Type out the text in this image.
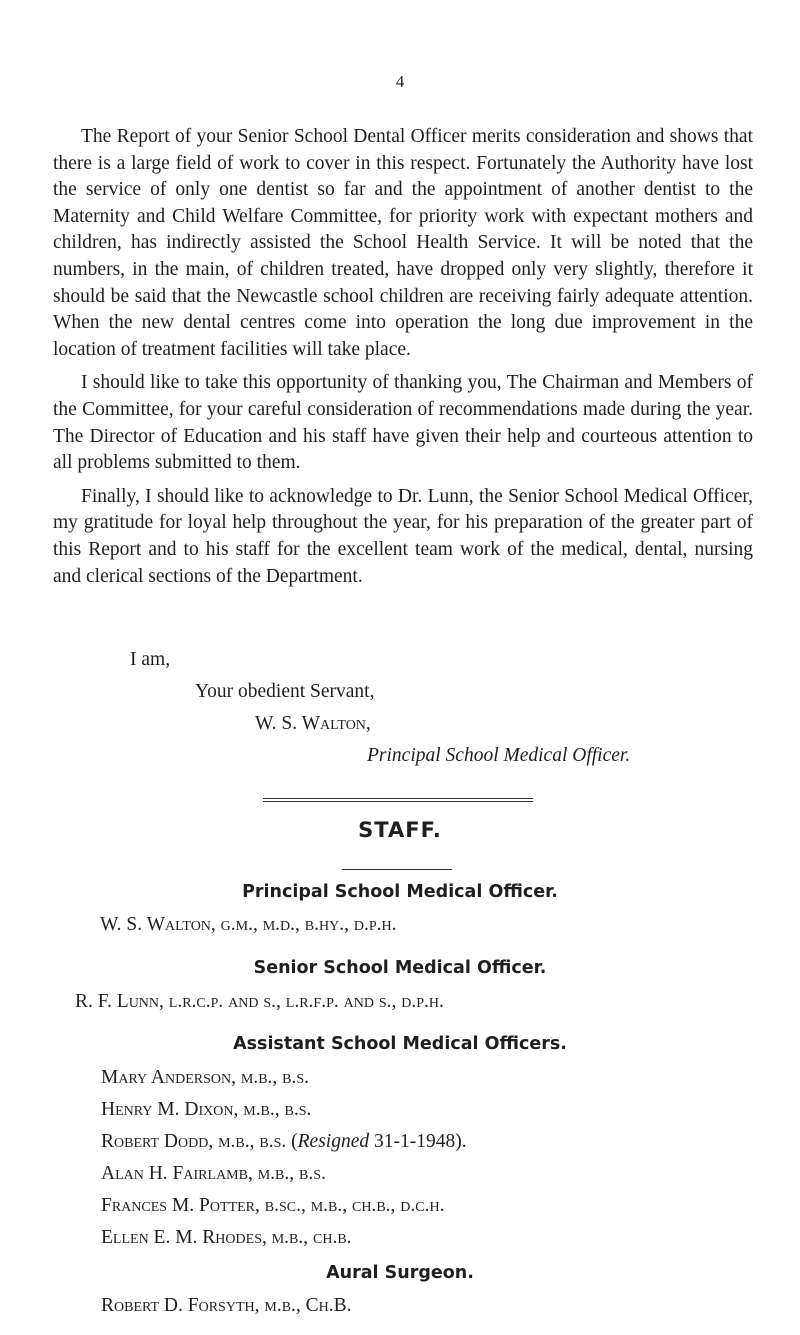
4

The Report of your Senior School Dental Officer merits consideration and shows that there is a large field of work to cover in this respect. Fortunately the Authority have lost the service of only one dentist so far and the appointment of another dentist to the Maternity and Child Welfare Committee, for priority work with expectant mothers and children, has indirectly assisted the School Health Service. It will be noted that the numbers, in the main, of children treated, have dropped only very slightly, therefore it should be said that the Newcastle school children are receiving fairly adequate attention. When the new dental centres come into operation the long due improvement in the location of treatment facilities will take place.

I should like to take this opportunity of thanking you, The Chairman and Members of the Committee, for your careful consideration of recommendations made during the year. The Director of Education and his staff have given their help and courteous attention to all problems submitted to them.

Finally, I should like to acknowledge to Dr. Lunn, the Senior School Medical Officer, my gratitude for loyal help throughout the year, for his preparation of the greater part of this Report and to his staff for the excellent team work of the medical, dental, nursing and clerical sections of the Department.

I am,
Your obedient Servant,
W. S. Walton,
Principal School Medical Officer.
STAFF.
Principal School Medical Officer.
W. S. Walton, g.m., m.d., b.hy., d.p.h.
Senior School Medical Officer.
R. F. Lunn, l.r.c.p. and s., l.r.f.p. and s., d.p.h.
Assistant School Medical Officers.
Mary Anderson, m.b., b.s.
Henry M. Dixon, m.b., b.s.
Robert Dodd, m.b., b.s. (Resigned 31-1-1948).
Alan H. Fairlamb, m.b., b.s.
Frances M. Potter, b.sc., m.b., ch.b., d.c.h.
Ellen E. M. Rhodes, m.b., ch.b.
Aural Surgeon.
Robert D. Forsyth, m.b., Ch.B.
